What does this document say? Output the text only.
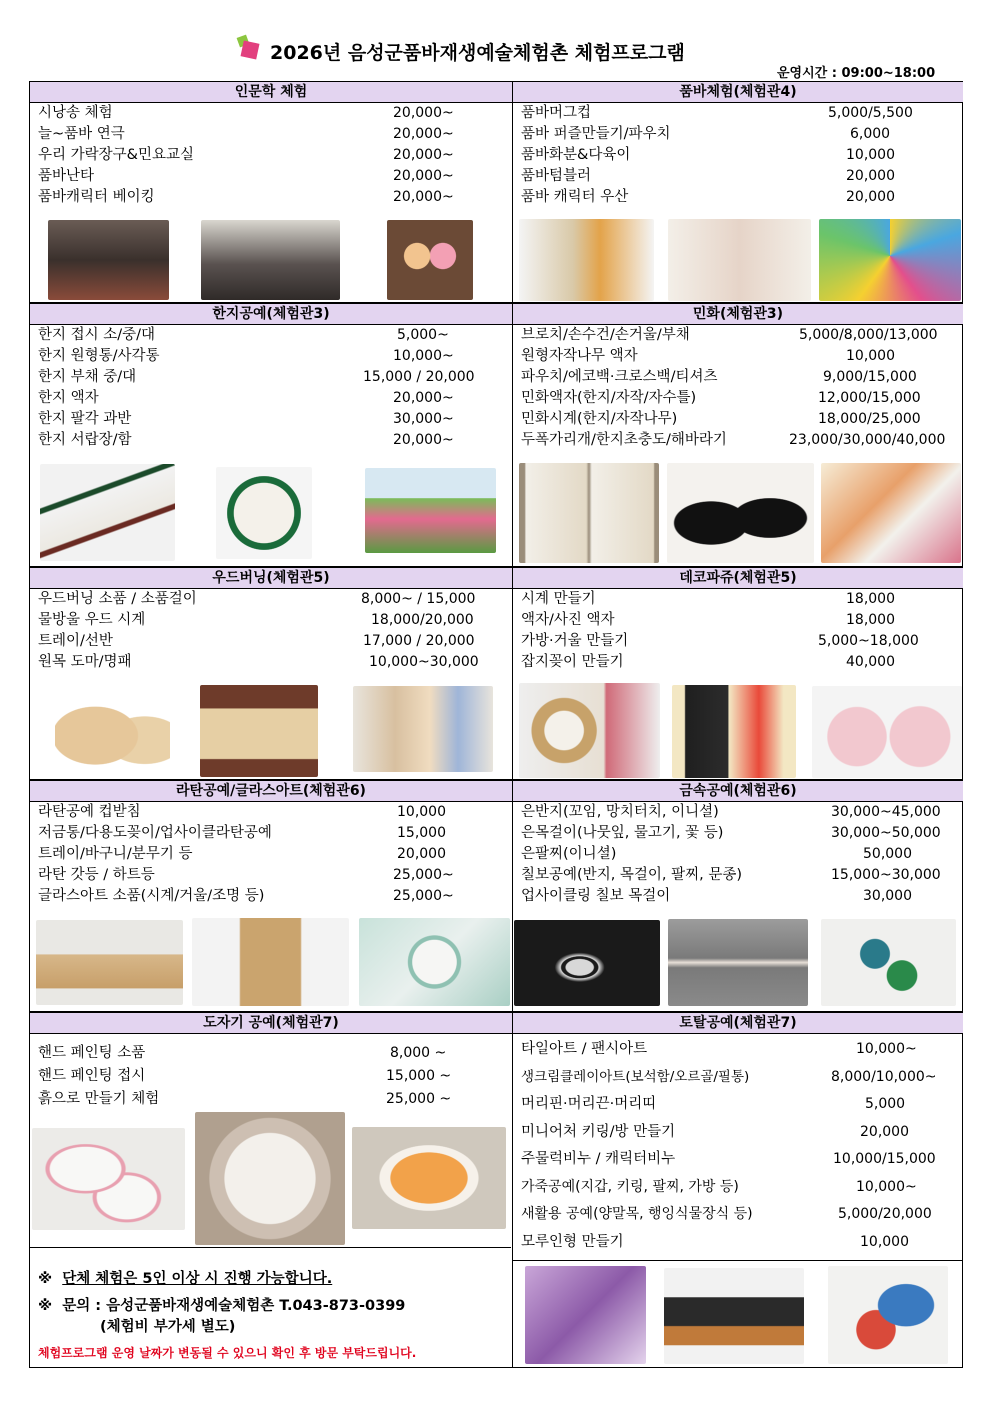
2026년 음성군품바재생예술체험촌 체험프로그램
운영시간 : 09:00~18:00
인문학 체험
시낭송 체험	20,000~
늘~품바 연극	20,000~
우리 가락장구&민요교실	20,000~
품바난타	20,000~
품바캐릭터 베이킹	20,000~
품바체험(체험관4)
품바머그컵	5,000/5,500
품바 퍼즐만들기/파우치	6,000
품바화분&다육이	10,000
품바텀블러	20,000
품바 캐릭터 우산	20,000
한지공예(체험관3)
한지 접시 소/중/대	5,000~
한지 원형통/사각통	10,000~
한지 부채 중/대	15,000 / 20,000
한지 액자	20,000~
한지 팔각 과반	30,000~
한지 서랍장/함	20,000~
민화(체험관3)
브로치/손수건/손거울/부채	5,000/8,000/13,000
원형자작나무 액자	10,000
파우치/에코백·크로스백/티셔츠	9,000/15,000
민화액자(한지/자작/자수틀)	12,000/15,000
민화시계(한지/자작나무)	18,000/25,000
두폭가리개/한지초충도/해바라기	23,000/30,000/40,000
우드버닝(체험관5)
우드버닝 소품 / 소품걸이	8,000~ / 15,000
물방울 우드 시계	18,000/20,000
트레이/선반	17,000 / 20,000
원목 도마/명패	10,000~30,000
데코파쥬(체험관5)
시계 만들기	18,000
액자/사진 액자	18,000
가방·거울 만들기	5,000~18,000
잡지꽂이 만들기	40,000
라탄공예/글라스아트(체험관6)
라탄공예 컵받침	10,000
저금통/다용도꽂이/업사이클라탄공예	15,000
트레이/바구니/분무기 등	20,000
라탄 갓등 / 하트등	25,000~
글라스아트 소품(시계/거울/조명 등)	25,000~
금속공예(체험관6)
은반지(꼬임, 망치터치, 이니셜)	30,000~45,000
은목걸이(나뭇잎, 물고기, 꽃 등)	30,000~50,000
은팔찌(이니셜)	50,000
칠보공예(반지, 목걸이, 팔찌, 문종)	15,000~30,000
업사이클링 칠보 목걸이	30,000
도자기 공예(체험관7)
핸드 페인팅 소품	8,000 ~
핸드 페인팅 접시	15,000 ~
흙으로 만들기 체험	25,000 ~
※ 단체 체험은 5인 이상 시 진행 가능합니다.
※ 문의 : 음성군품바재생예술체험촌 T.043-873-0399
(체험비 부가세 별도)
체험프로그램 운영 날짜가 변동될 수 있으니 확인 후 방문 부탁드립니다.
토탈공예(체험관7)
타일아트 / 팬시아트	10,000~
생크림클레이아트(보석함/오르골/필통)	8,000/10,000~
머리핀·머리끈·머리띠	5,000
미니어처 키링/방 만들기	20,000
주물럭비누 / 캐릭터비누	10,000/15,000
가죽공예(지갑, 키링, 팔찌, 가방 등)	10,000~
새활용 공예(양말목, 행잉식물장식 등)	5,000/20,000
모루인형 만들기	10,000
